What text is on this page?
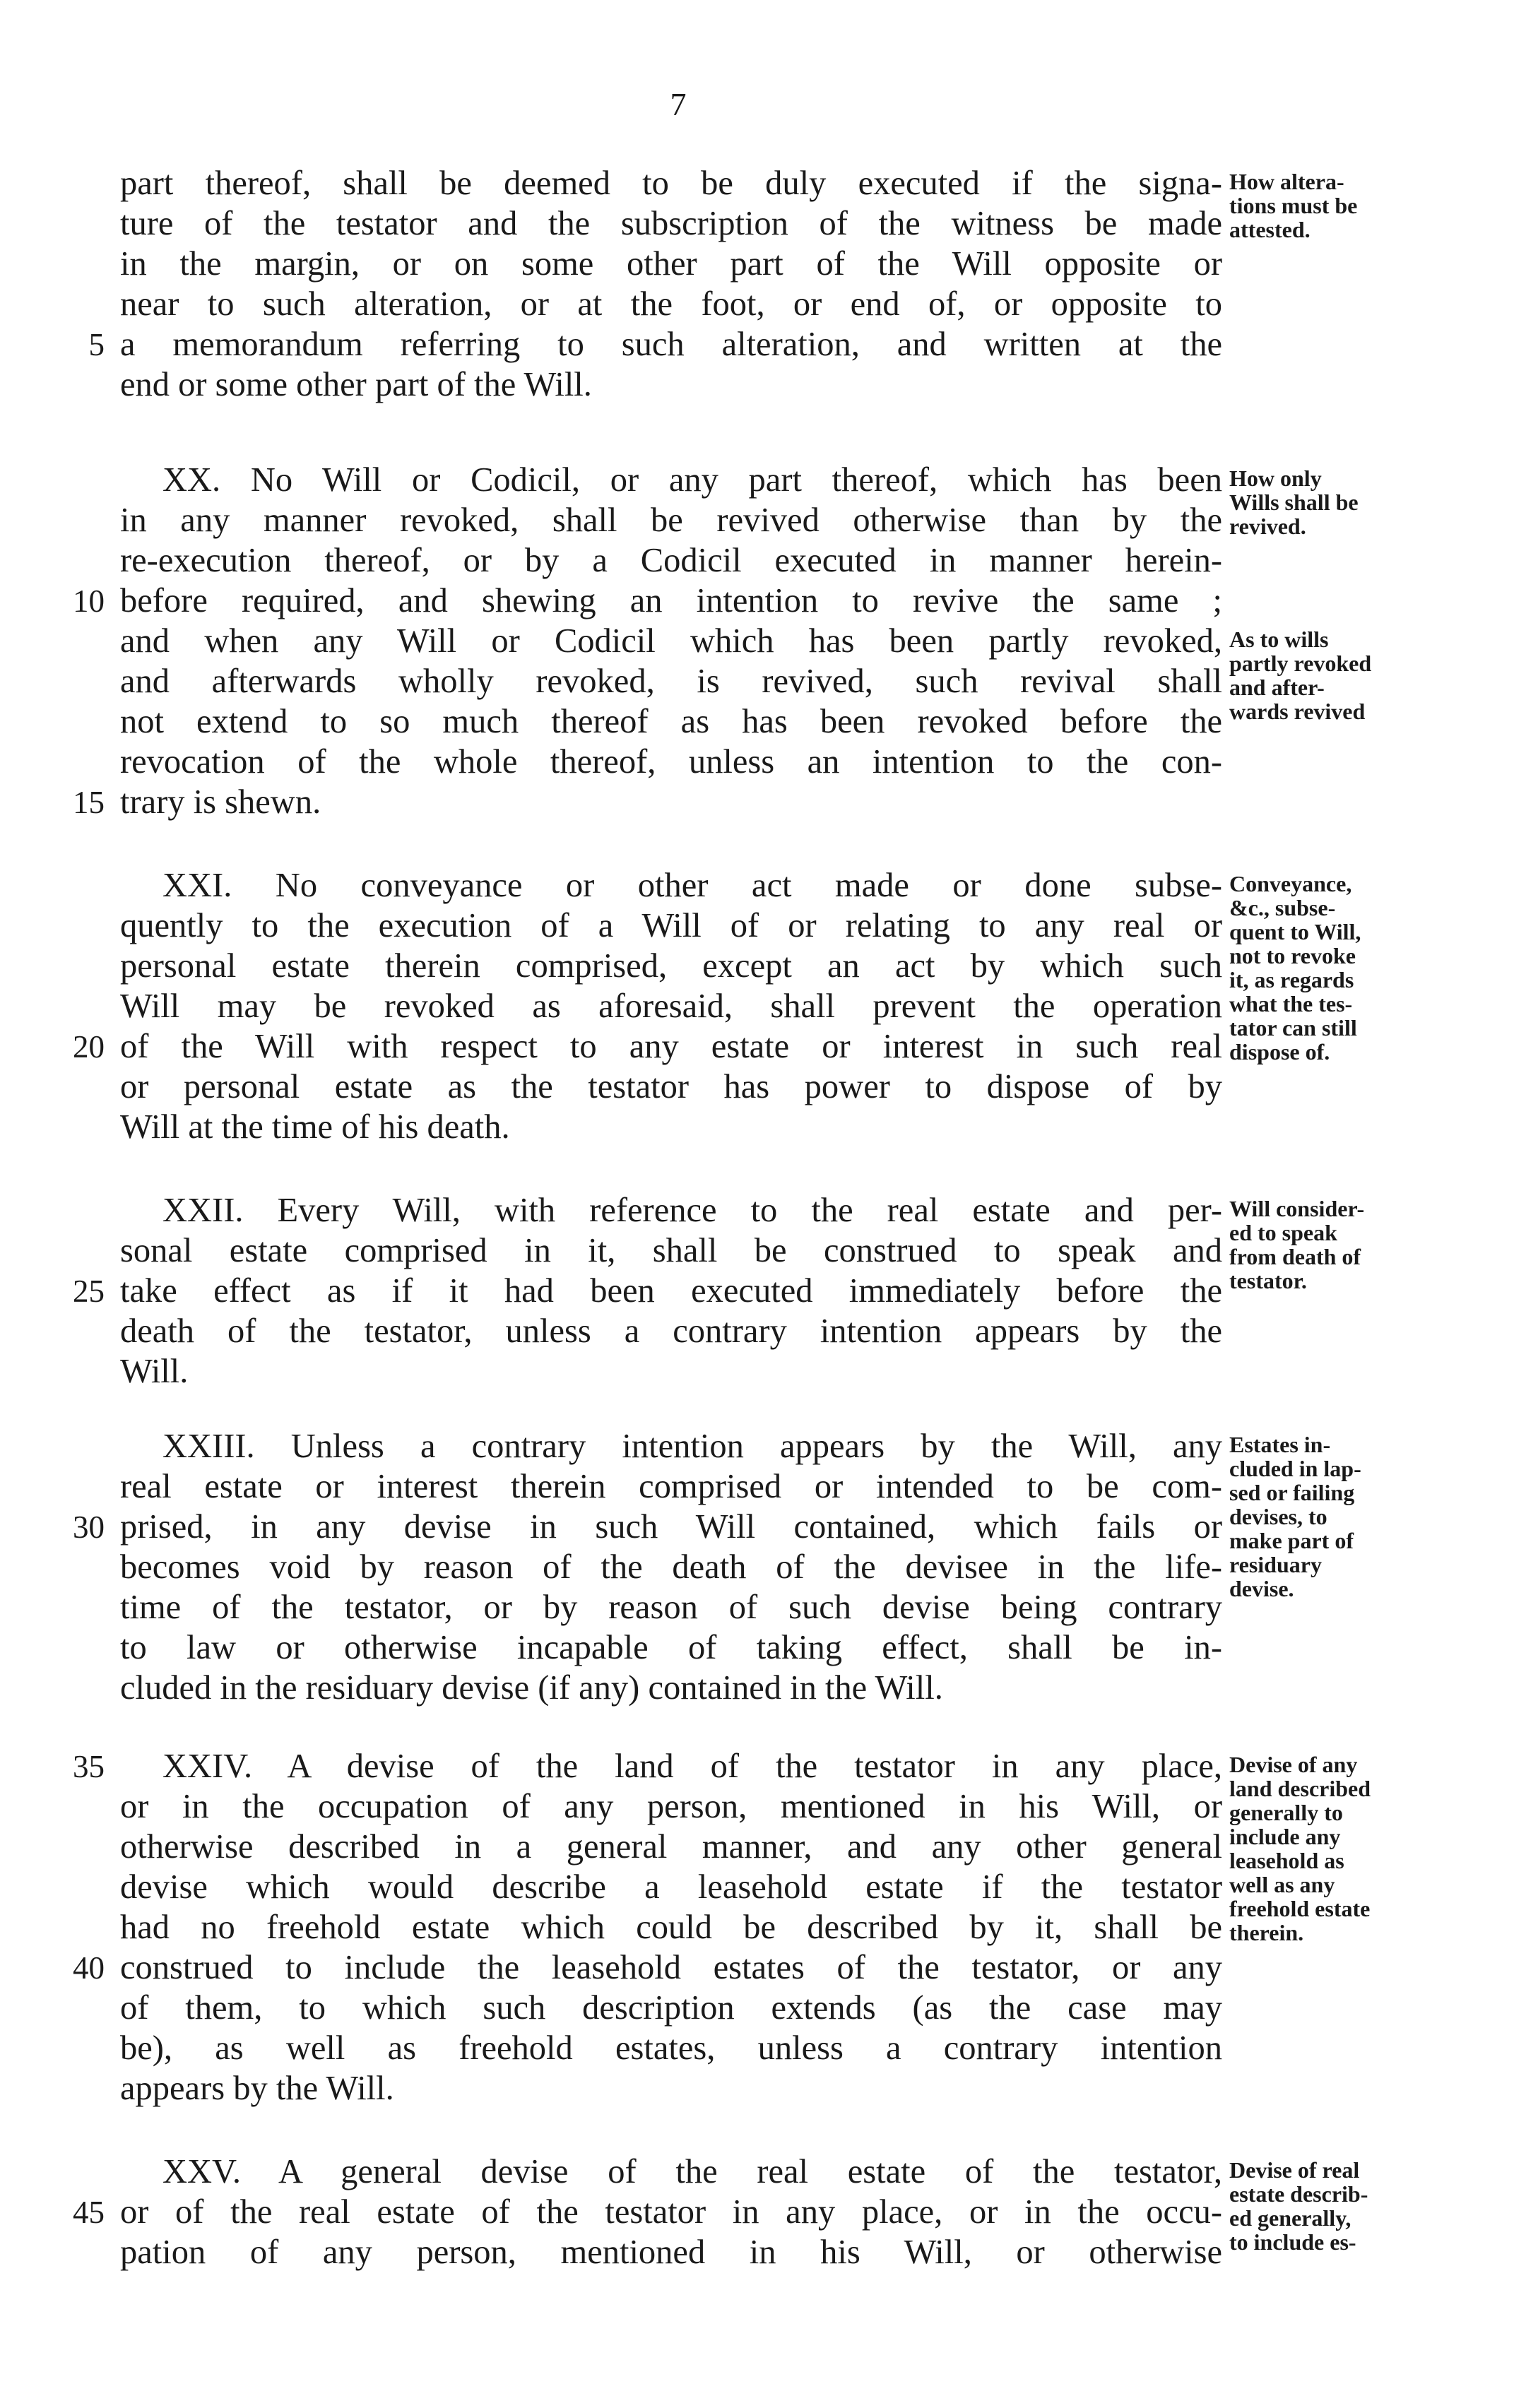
7
part thereof, shall be deemed to be duly executed if the signa-
ture of the testator and the subscription of the witness be made
in the margin, or on some other part of the Will opposite or
near to such alteration, or at the foot, or end of, or opposite to
a memorandum referring to such alteration, and written at the
end or some other part of the Will.
XX. No Will or Codicil, or any part thereof, which has been
in any manner revoked, shall be revived otherwise than by the
re-execution thereof, or by a Codicil executed in manner herein-
before required, and shewing an intention to revive the same ;
and when any Will or Codicil which has been partly revoked,
and afterwards wholly revoked, is revived, such revival shall
not extend to so much thereof as has been revoked before the
revocation of the whole thereof, unless an intention to the con-
trary is shewn.
XXI. No conveyance or other act made or done subse-
quently to the execution of a Will of or relating to any real or
personal estate therein comprised, except an act by which such
Will may be revoked as aforesaid, shall prevent the operation
of the Will with respect to any estate or interest in such real
or personal estate as the testator has power to dispose of by
Will at the time of his death.
XXII. Every Will, with reference to the real estate and per-
sonal estate comprised in it, shall be construed to speak and
take effect as if it had been executed immediately before the
death of the testator, unless a contrary intention appears by the
Will.
XXIII. Unless a contrary intention appears by the Will, any
real estate or interest therein comprised or intended to be com-
prised, in any devise in such Will contained, which fails or
becomes void by reason of the death of the devisee in the life-
time of the testator, or by reason of such devise being contrary
to law or otherwise incapable of taking effect, shall be in-
cluded in the residuary devise (if any) contained in the Will.
XXIV. A devise of the land of the testator in any place,
or in the occupation of any person, mentioned in his Will, or
otherwise described in a general manner, and any other general
devise which would describe a leasehold estate if the testator
had no freehold estate which could be described by it, shall be
construed to include the leasehold estates of the testator, or any
of them, to which such description extends (as the case may
be), as well as freehold estates, unless a contrary intention
appears by the Will.
XXV. A general devise of the real estate of the testator,
or of the real estate of the testator in any place, or in the occu-
pation of any person, mentioned in his Will, or otherwise
5
10
15
20
25
30
35
40
45
How altera-
tions must be
attested.
How only
Wills shall be
revived.
As to wills
partly revoked
and after-
wards revived
Conveyance,
&c., subse-
quent to Will,
not to revoke
it, as regards
what the tes-
tator can still
dispose of.
Will consider-
ed to speak
from death of
testator.
Estates in-
cluded in lap-
sed or failing
devises, to
make part of
residuary
devise.
Devise of any
land described
generally to
include any
leasehold as
well as any
freehold estate
therein.
Devise of real
estate describ-
ed generally,
to include es-
